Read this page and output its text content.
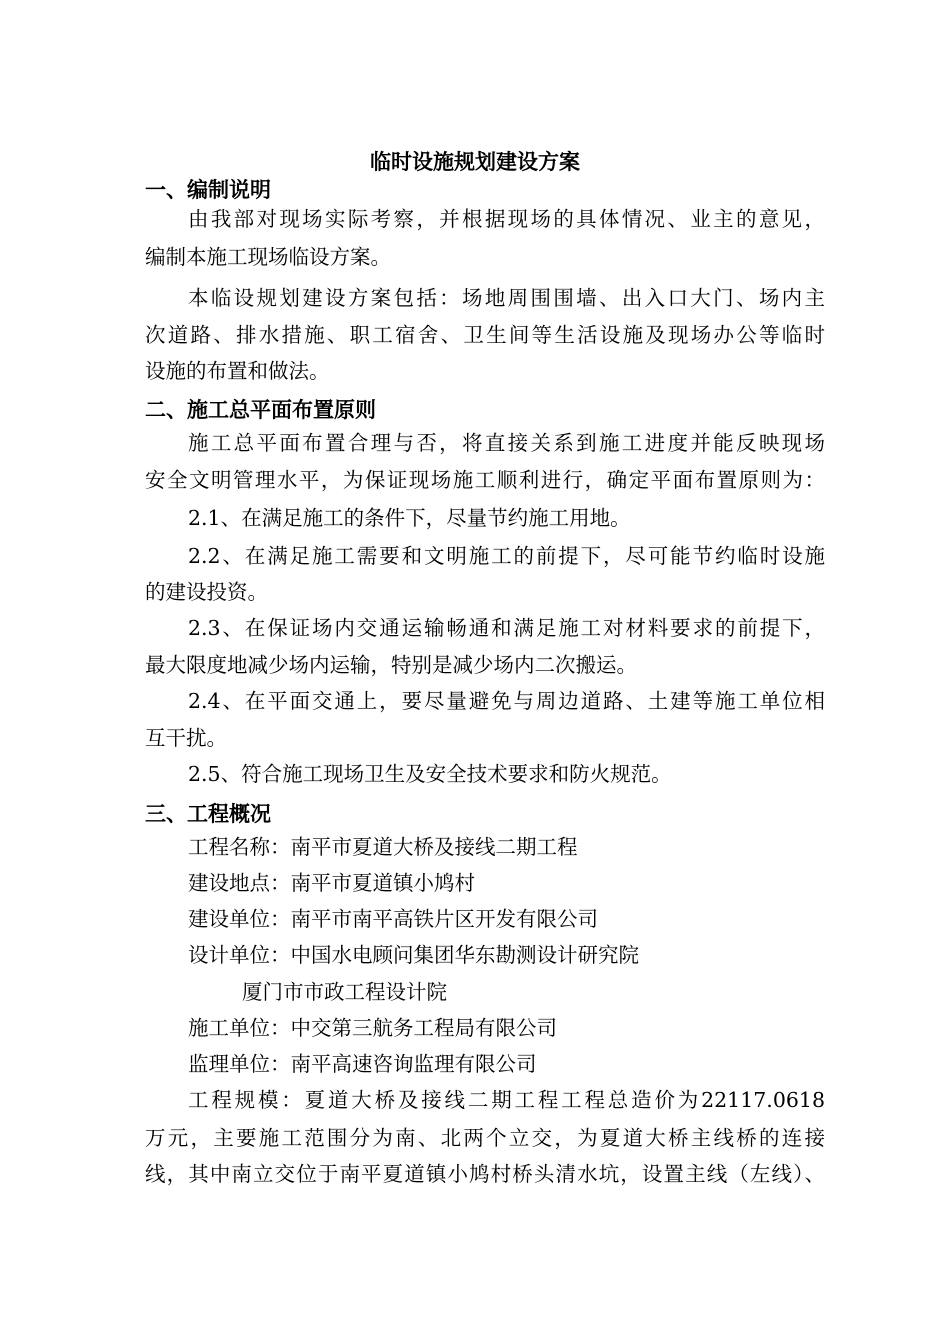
临时设施规划建设方案
一、编制说明
由我部对现场实际考察，并根据现场的具体情况、业主的意见，
编制本施工现场临设方案。
本临设规划建设方案包括：场地周围围墙、出入口大门、场内主
次道路、排水措施、职工宿舍、卫生间等生活设施及现场办公等临时
设施的布置和做法。
二、施工总平面布置原则
施工总平面布置合理与否，将直接关系到施工进度并能反映现场
安全文明管理水平，为保证现场施工顺利进行，确定平面布置原则为：
2.1、在满足施工的条件下，尽量节约施工用地。
2.2、在满足施工需要和文明施工的前提下，尽可能节约临时设施
的建设投资。
2.3、在保证场内交通运输畅通和满足施工对材料要求的前提下，
最大限度地减少场内运输，特别是减少场内二次搬运。
2.4、在平面交通上，要尽量避免与周边道路、土建等施工单位相
互干扰。
2.5、符合施工现场卫生及安全技术要求和防火规范。
三、工程概况
工程名称：南平市夏道大桥及接线二期工程
建设地点：南平市夏道镇小鸠村
建设单位：南平市南平高铁片区开发有限公司
设计单位：中国水电顾问集团华东勘测设计研究院
厦门市市政工程设计院
施工单位：中交第三航务工程局有限公司
监理单位：南平高速咨询监理有限公司
工程规模：夏道大桥及接线二期工程工程总造价为22117.0618
万元，主要施工范围分为南、北两个立交，为夏道大桥主线桥的连接
线，其中南立交位于南平夏道镇小鸠村桥头清水坑，设置主线（左线）、
